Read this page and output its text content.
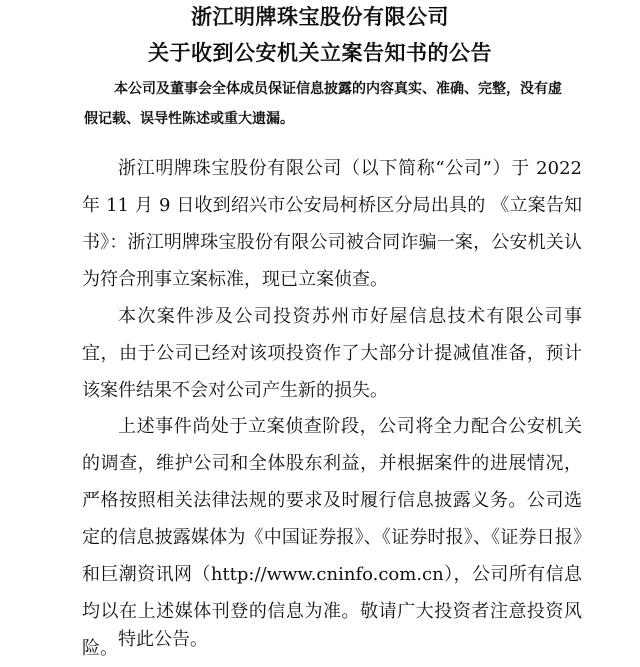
浙江明牌珠宝股份有限公司
关于收到公安机关立案告知书的公告
本公司及董事会全体成员保证信息披露的内容真实、准确、完整，没有虚假记载、误导性陈述或重大遗漏。

浙江明牌珠宝股份有限公司（以下简称“公司”）于 2022 年 11 月 9 日收到绍兴市公安局柯桥区分局出具的 《立案告知书》：浙江明牌珠宝股份有限公司被合同诈骗一案，公安机关认为符合刑事立案标准，现已立案侦查。

本次案件涉及公司投资苏州市好屋信息技术有限公司事宜，由于公司已经对该项投资作了大部分计提减值准备，预计该案件结果不会对公司产生新的损失。

上述事件尚处于立案侦查阶段，公司将全力配合公安机关的调查，维护公司和全体股东利益，并根据案件的进展情况，严格按照相关法律法规的要求及时履行信息披露义务。公司选定的信息披露媒体为《中国证券报》、《证券时报》、《证券日报》和巨潮资讯网（http://www.cninfo.com.cn），公司所有信息均以在上述媒体刊登的信息为准。敬请广大投资者注意投资风险。 特此公告。
